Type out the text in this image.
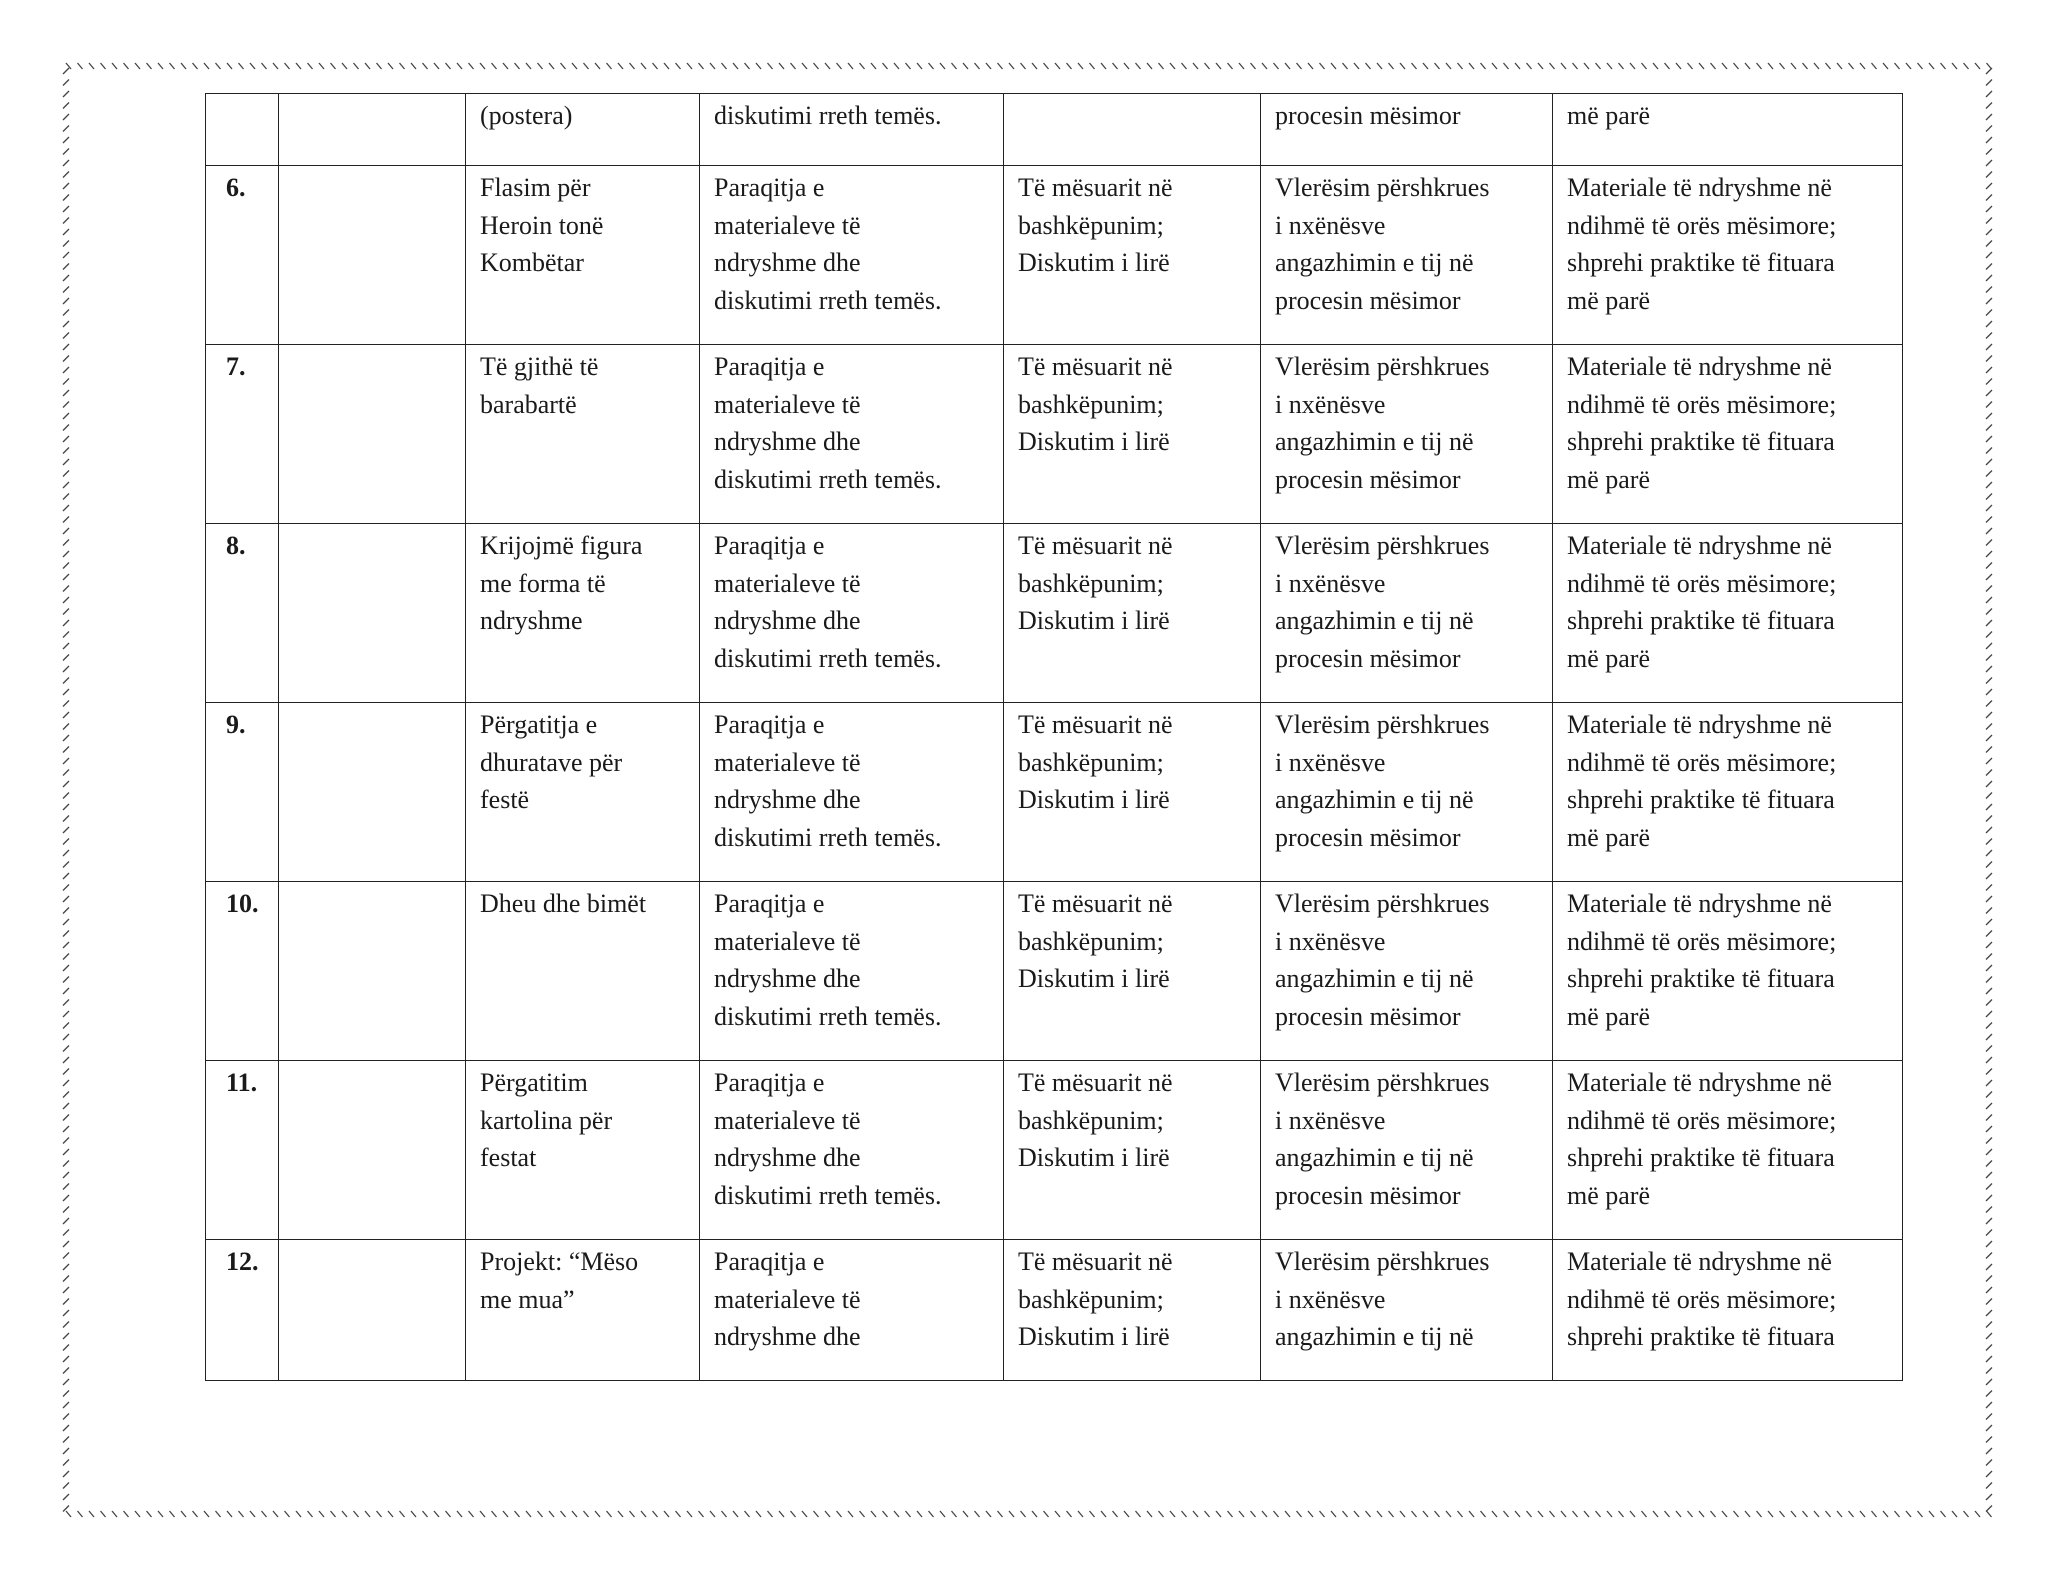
		(postera)	diskutimi rreth temës.		procesin mësimor	më parë
6.		Flasim për
Heroin tonë
Kombëtar	Paraqitja e
materialeve të
ndryshme dhe
diskutimi rreth temës.	Të mësuarit në
bashkëpunim;
Diskutim i lirë	Vlerësim përshkrues
i nxënësve
angazhimin e tij në
procesin mësimor	Materiale të ndryshme në
ndihmë të orës mësimore;
shprehi praktike të fituara
më parë
7.		Të gjithë të
barabartë	Paraqitja e
materialeve të
ndryshme dhe
diskutimi rreth temës.	Të mësuarit në
bashkëpunim;
Diskutim i lirë	Vlerësim përshkrues
i nxënësve
angazhimin e tij në
procesin mësimor	Materiale të ndryshme në
ndihmë të orës mësimore;
shprehi praktike të fituara
më parë
8.		Krijojmë figura
me forma të
ndryshme	Paraqitja e
materialeve të
ndryshme dhe
diskutimi rreth temës.	Të mësuarit në
bashkëpunim;
Diskutim i lirë	Vlerësim përshkrues
i nxënësve
angazhimin e tij në
procesin mësimor	Materiale të ndryshme në
ndihmë të orës mësimore;
shprehi praktike të fituara
më parë
9.		Përgatitja e
dhuratave për
festë	Paraqitja e
materialeve të
ndryshme dhe
diskutimi rreth temës.	Të mësuarit në
bashkëpunim;
Diskutim i lirë	Vlerësim përshkrues
i nxënësve
angazhimin e tij në
procesin mësimor	Materiale të ndryshme në
ndihmë të orës mësimore;
shprehi praktike të fituara
më parë
10.		Dheu dhe bimët	Paraqitja e
materialeve të
ndryshme dhe
diskutimi rreth temës.	Të mësuarit në
bashkëpunim;
Diskutim i lirë	Vlerësim përshkrues
i nxënësve
angazhimin e tij në
procesin mësimor	Materiale të ndryshme në
ndihmë të orës mësimore;
shprehi praktike të fituara
më parë
11.		Përgatitim
kartolina për
festat	Paraqitja e
materialeve të
ndryshme dhe
diskutimi rreth temës.	Të mësuarit në
bashkëpunim;
Diskutim i lirë	Vlerësim përshkrues
i nxënësve
angazhimin e tij në
procesin mësimor	Materiale të ndryshme në
ndihmë të orës mësimore;
shprehi praktike të fituara
më parë
12.		Projekt: “Mëso
me mua”	Paraqitja e
materialeve të
ndryshme dhe	Të mësuarit në
bashkëpunim;
Diskutim i lirë	Vlerësim përshkrues
i nxënësve
angazhimin e tij në	Materiale të ndryshme në
ndihmë të orës mësimore;
shprehi praktike të fituara
